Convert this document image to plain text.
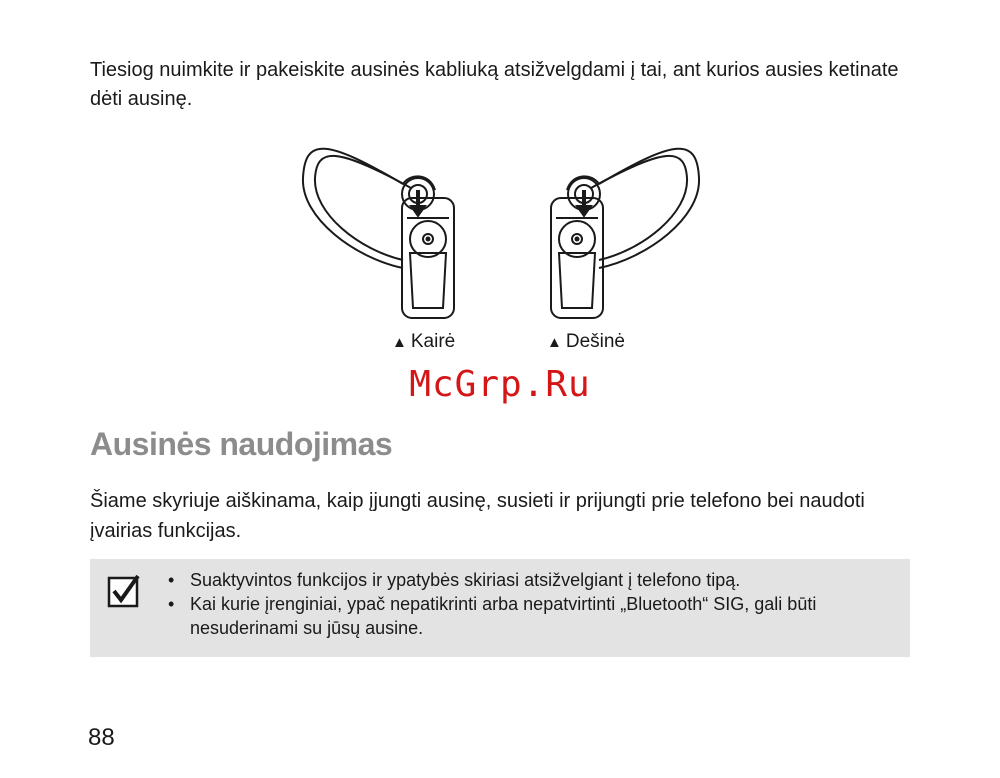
Tiesiog nuimkite ir pakeiskite ausinės kabliuką atsižvelgdami į tai, ant kurios ausies ketinate dėti ausinę.

▲ Kairė	▲ Dešinė
McGrp.Ru
Ausinės naudojimas

Šiame skyriuje aiškinama, kaip įjungti ausinę, susieti ir prijungti prie telefono bei naudoti įvairias funkcijas.

• Suaktyvintos funkcijos ir ypatybės skiriasi atsižvelgiant į telefono tipą.
• Kai kurie įrenginiai, ypač nepatikrinti arba nepatvirtinti „Bluetooth“ SIG, gali būti nesuderinami su jūsų ausine.
88
